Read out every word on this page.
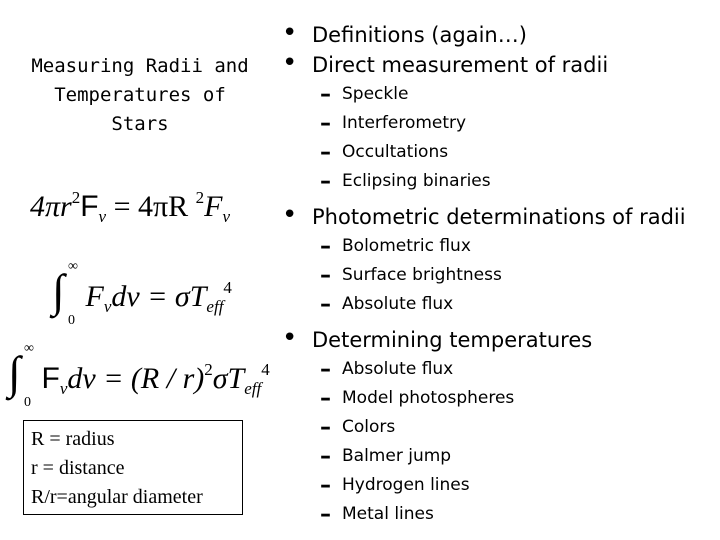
Measuring Radii and Temperatures of Stars
$4\pi r^2F_\nu = 4\pi R$ $^2F_\nu$
∫ ∞
0
$F_\nu d\nu = \sigma T_{eff}^4$
∫ ∞
0
$F_\nu d\nu = (R / r)^2\sigma T_{eff}^4$
R = radius
r = distance
R/r=angular diameter
• Definitions (again…)
• Direct measurement of radii
– Speckle
– Interferometry
– Occultations
– Eclipsing binaries
• Photometric determinations of radii
– Bolometric flux
– Surface brightness
– Absolute flux
• Determining temperatures
– Absolute flux
– Model photospheres
– Colors
– Balmer jump
– Hydrogen lines
– Metal lines
